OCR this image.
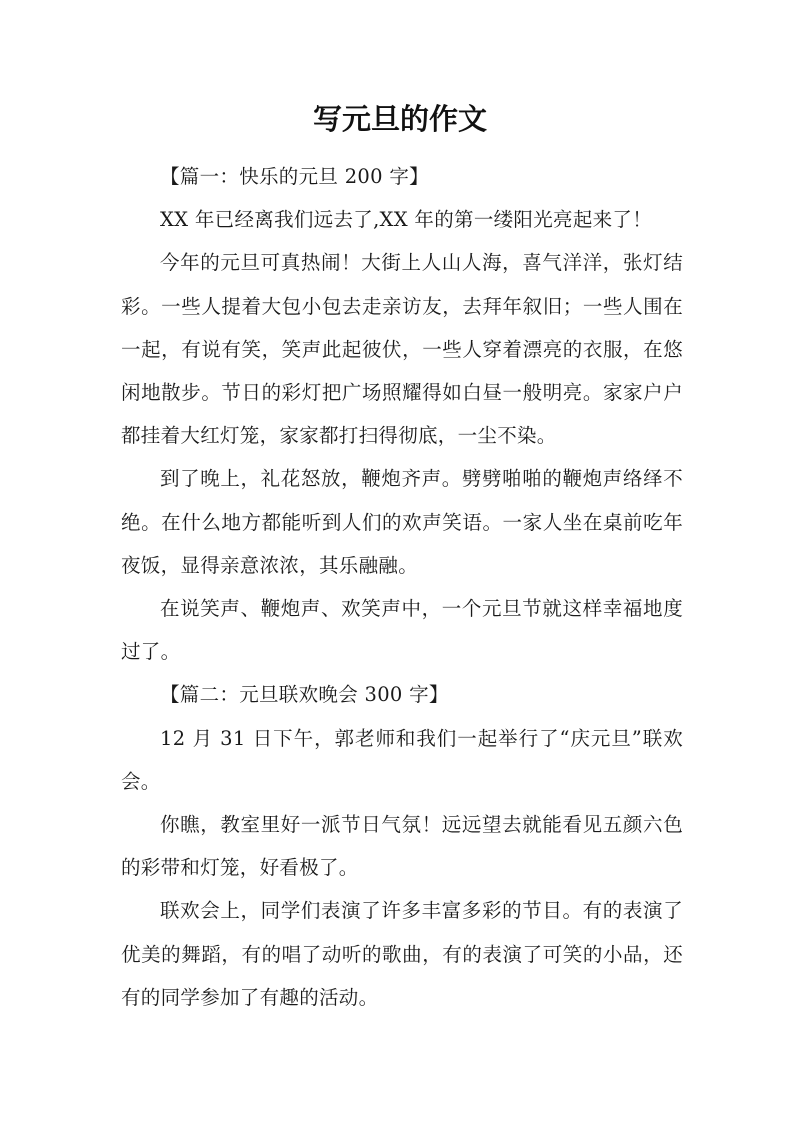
写元旦的作文

【篇一：快乐的元旦 200 字】

XX 年已经离我们远去了,XX 年的第一缕阳光亮起来了！

今年的元旦可真热闹！大街上人山人海，喜气洋洋，张灯结彩。一些人提着大包小包去走亲访友，去拜年叙旧；一些人围在一起，有说有笑，笑声此起彼伏，一些人穿着漂亮的衣服，在悠闲地散步。节日的彩灯把广场照耀得如白昼一般明亮。家家户户都挂着大红灯笼，家家都打扫得彻底，一尘不染。

到了晚上，礼花怒放，鞭炮齐声。劈劈啪啪的鞭炮声络绎不绝。在什么地方都能听到人们的欢声笑语。一家人坐在桌前吃年夜饭，显得亲意浓浓，其乐融融。

在说笑声、鞭炮声、欢笑声中，一个元旦节就这样幸福地度过了。

【篇二：元旦联欢晚会 300 字】

12 月 31 日下午，郭老师和我们一起举行了“庆元旦”联欢会。

你瞧，教室里好一派节日气氛！远远望去就能看见五颜六色的彩带和灯笼，好看极了。

联欢会上，同学们表演了许多丰富多彩的节目。有的表演了优美的舞蹈，有的唱了动听的歌曲，有的表演了可笑的小品，还有的同学参加了有趣的活动。
